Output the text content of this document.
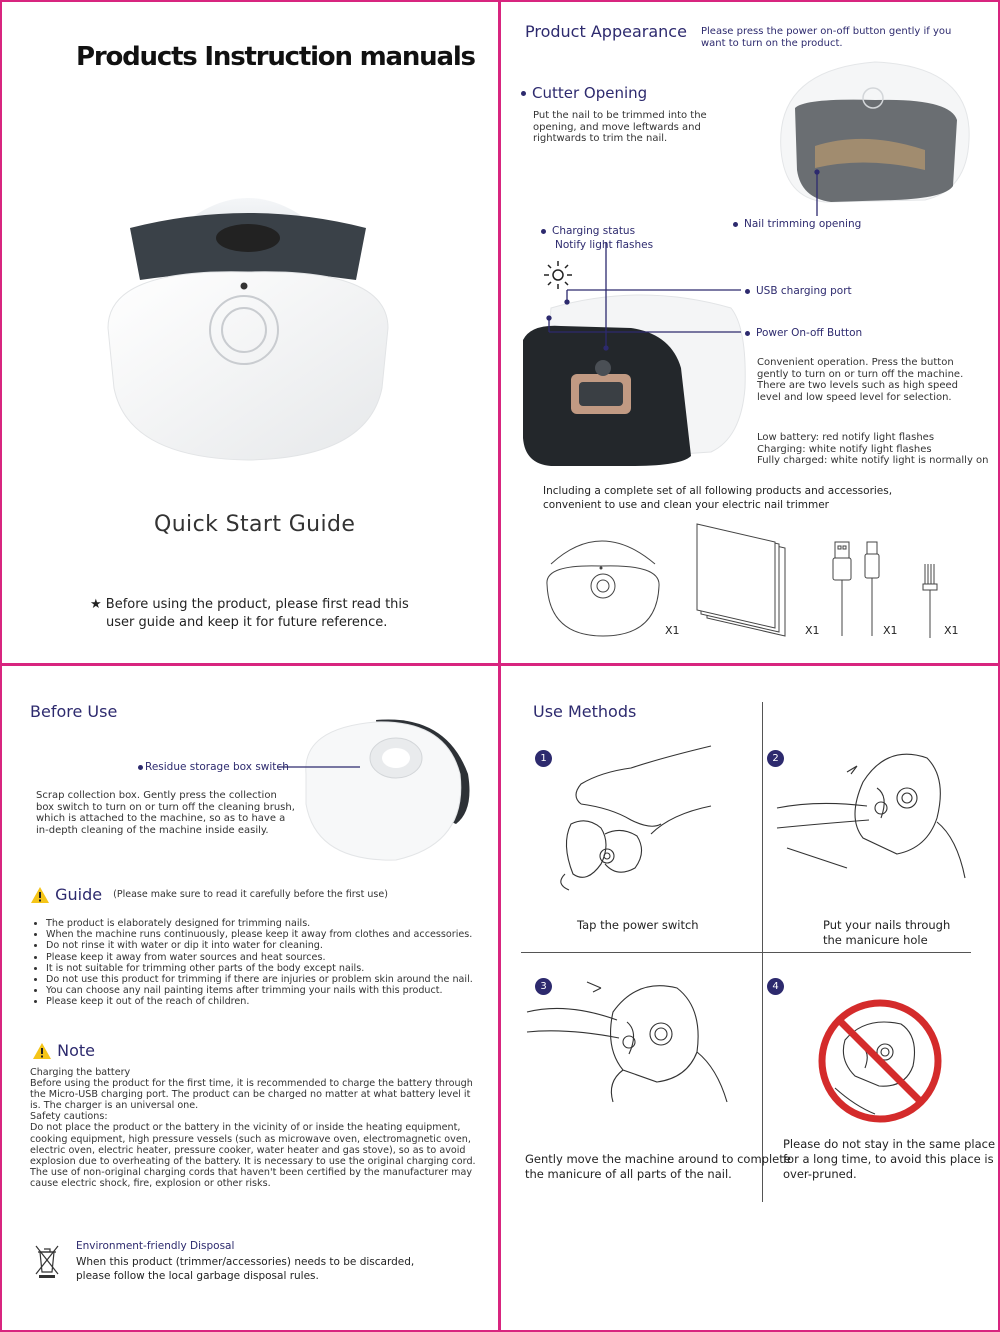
Products Instruction manuals
Quick Start Guide
★ Before using the product, please first read this
user guide and keep it for future reference.
Product Appearance Please press the power on-off button gently if you want to turn on the product.
Cutter Opening
Put the nail to be trimmed into the opening, and move leftwards and rightwards to trim the nail.
Nail trimming opening
Charging status
Notify light flashes
USB charging port
Power On-off Button
Convenient operation. Press the button gently to turn on or turn off the machine. There are two levels such as high speed level and low speed level for selection.
Low battery: red notify light flashes
Charging: white notify light flashes
Fully charged: white notify light is normally on
Including a complete set of all following products and accessories,
convenient to use and clean your electric nail trimmer
X1	X1	X1	X1
Before Use
Residue storage box switch
Scrap collection box. Gently press the collection box switch to turn on or turn off the cleaning brush, which is attached to the machine, so as to have a in-depth cleaning of the machine inside easily.
Guide (Please make sure to read it carefully before the first use)
• The product is elaborately designed for trimming nails.
• When the machine runs continuously, please keep it away from clothes and accessories.
• Do not rinse it with water or dip it into water for cleaning.
• Please keep it away from water sources and heat sources.
• It is not suitable for trimming other parts of the body except nails.
• Do not use this product for trimming if there are injuries or problem skin around the nail.
• You can choose any nail painting items after trimming your nails with this product.
• Please keep it out of the reach of children.
Note
Charging the battery
Before using the product for the first time, it is recommended to charge the battery through
the Micro-USB charging port. The product can be charged no matter at what battery level it
is. The charger is an universal one.
Safety cautions:
Do not place the product or the battery in the vicinity of or inside the heating equipment,
cooking equipment, high pressure vessels (such as microwave oven, electromagnetic oven,
electric oven, electric heater, pressure cooker, water heater and gas stove), so as to avoid
explosion due to overheating of the battery. It is necessary to use the original charging cord.
The use of non-original charging cords that haven't been certified by the manufacturer may
cause electric shock, fire, explosion or other risks.
Environment-friendly Disposal
When this product (trimmer/accessories) needs to be discarded,
please follow the local garbage disposal rules.
Use Methods
1
Tap the power switch
2
Put your nails through
the manicure hole
3
Gently move the machine around to complete
the manicure of all parts of the nail.
4
Please do not stay in the same place
for a long time, to avoid this place is
over-pruned.
